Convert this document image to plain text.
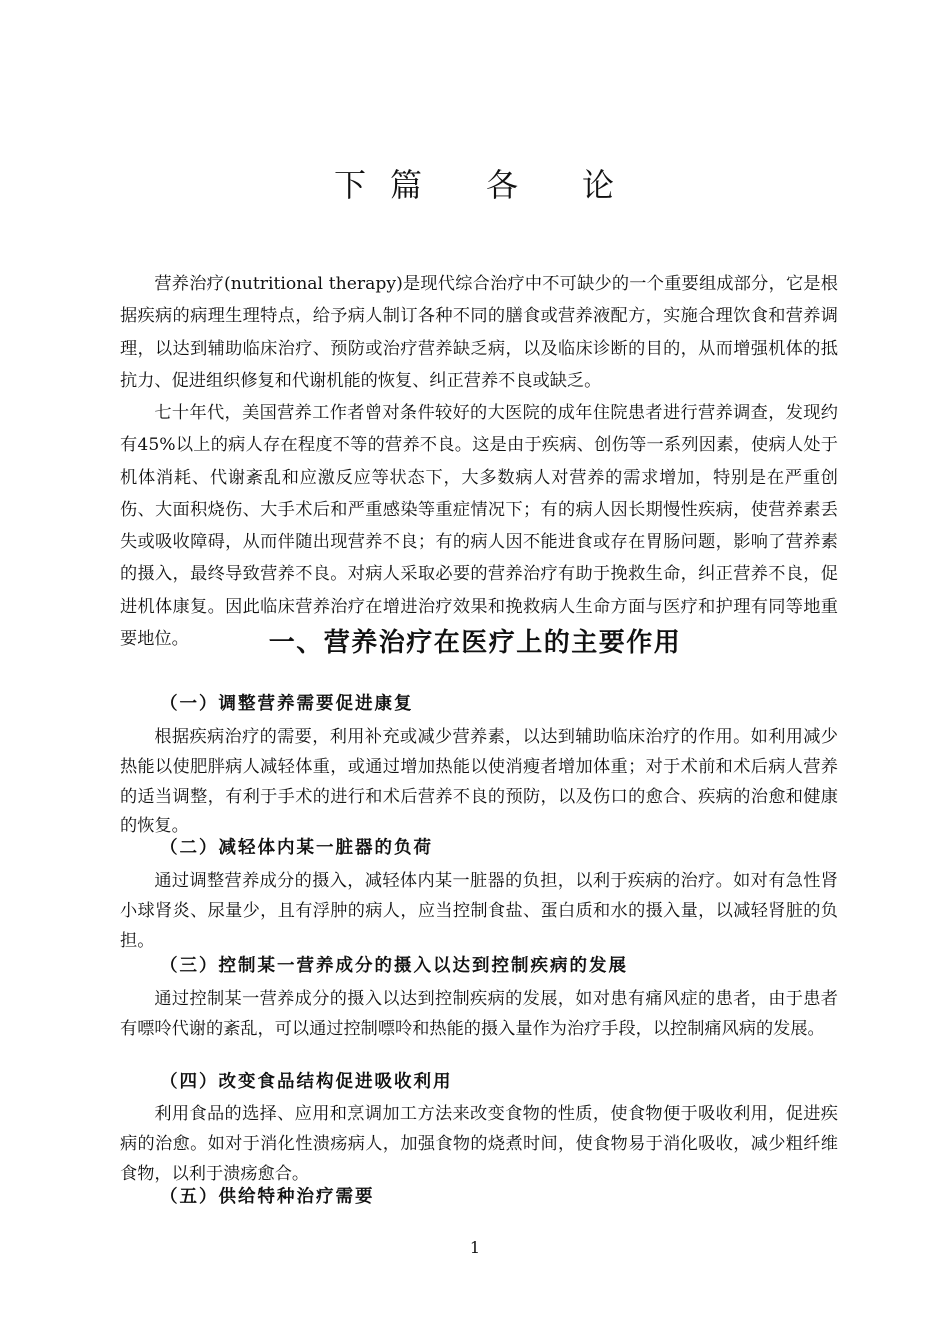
下 篇 各 论

营养治疗(nutritional therapy)是现代综合治疗中不可缺少的一个重要组成部分，它是根据疾病的病理生理特点，给予病人制订各种不同的膳食或营养液配方，实施合理饮食和营养调理，以达到辅助临床治疗、预防或治疗营养缺乏病，以及临床诊断的目的，从而增强机体的抵抗力、促进组织修复和代谢机能的恢复、纠正营养不良或缺乏。

七十年代，美国营养工作者曾对条件较好的大医院的成年住院患者进行营养调查，发现约有45%以上的病人存在程度不等的营养不良。这是由于疾病、创伤等一系列因素，使病人处于机体消耗、代谢紊乱和应激反应等状态下，大多数病人对营养的需求增加，特别是在严重创伤、大面积烧伤、大手术后和严重感染等重症情况下；有的病人因长期慢性疾病，使营养素丢失或吸收障碍，从而伴随出现营养不良；有的病人因不能进食或存在胃肠问题，影响了营养素的摄入，最终导致营养不良。对病人采取必要的营养治疗有助于挽救生命，纠正营养不良，促进机体康复。因此临床营养治疗在增进治疗效果和挽救病人生命方面与医疗和护理有同等地重要地位。	一、营养治疗在医疗上的主要作用
（一）调整营养需要促进康复

根据疾病治疗的需要，利用补充或减少营养素，以达到辅助临床治疗的作用。如利用减少热能以使肥胖病人减轻体重，或通过增加热能以使消瘦者增加体重；对于术前和术后病人营养的适当调整，有利于手术的进行和术后营养不良的预防，以及伤口的愈合、疾病的治愈和健康的恢复。

（二）减轻体内某一脏器的负荷

通过调整营养成分的摄入，减轻体内某一脏器的负担，以利于疾病的治疗。如对有急性肾小球肾炎、尿量少，且有浮肿的病人，应当控制食盐、蛋白质和水的摄入量，以减轻肾脏的负担。

（三）控制某一营养成分的摄入以达到控制疾病的发展

通过控制某一营养成分的摄入以达到控制疾病的发展，如对患有痛风症的患者，由于患者有嘌呤代谢的紊乱，可以通过控制嘌呤和热能的摄入量作为治疗手段，以控制痛风病的发展。

（四）改变食品结构促进吸收利用

利用食品的选择、应用和烹调加工方法来改变食物的性质，使食物便于吸收利用，促进疾病的治愈。如对于消化性溃疡病人，加强食物的烧煮时间，使食物易于消化吸收，减少粗纤维食物，以利于溃疡愈合。

（五）供给特种治疗需要
1
